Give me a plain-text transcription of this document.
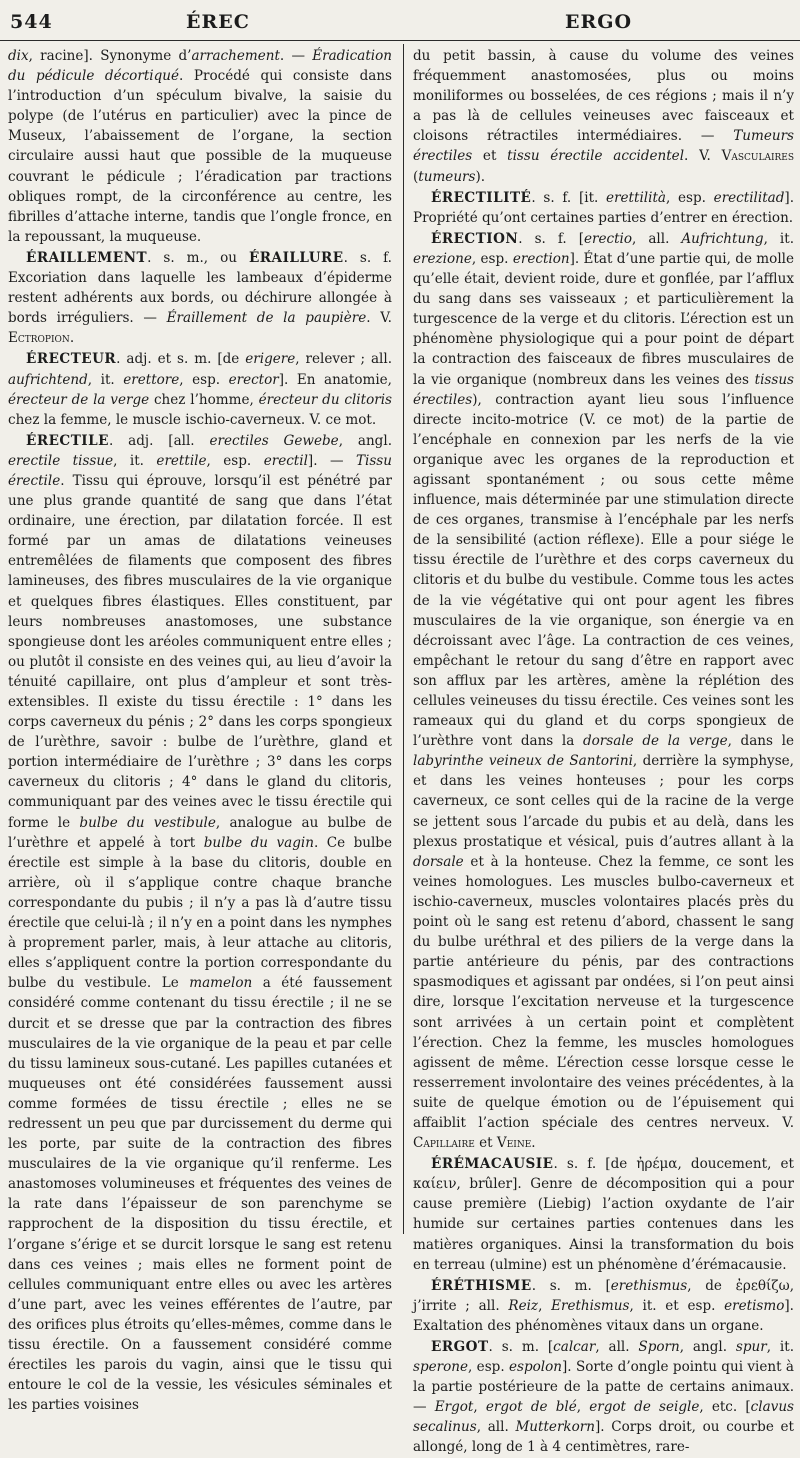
544	ÉREC	ERGO

dix, racine]. Synonyme d’arrachement. — Éradication du pédicule décortiqué. Procédé qui consiste dans l’introduction d’un spéculum bivalve, la saisie du polype (de l’utérus en particulier) avec la pince de Museux, l’abaissement de l’organe, la section circulaire aussi haut que possible de la muqueuse couvrant le pédicule ; l’éradication par tractions obliques rompt, de la circonférence au centre, les fibrilles d’attache interne, tandis que l’ongle fronce, en la repoussant, la muqueuse.

ÉRAILLEMENT. s. m., ou ÉRAILLURE. s. f. Excoriation dans laquelle les lambeaux d’épiderme restent adhérents aux bords, ou déchirure allongée à bords irréguliers. — Éraillement de la paupière. V. Ectropion.

ÉRECTEUR. adj. et s. m. [de erigere, relever ; all. aufrichtend, it. erettore, esp. erector]. En anatomie, érecteur de la verge chez l’homme, érecteur du clitoris chez la femme, le muscle ischio-caverneux. V. ce mot.

ÉRECTILE. adj. [all. erectiles Gewebe, angl. erectile tissue, it. erettile, esp. erectil]. — Tissu érectile. Tissu qui éprouve, lorsqu’il est pénétré par une plus grande quantité de sang que dans l’état ordinaire, une érection, par dilatation forcée. Il est formé par un amas de dilatations veineuses entremêlées de filaments que composent des fibres lamineuses, des fibres musculaires de la vie organique et quelques fibres élastiques. Elles constituent, par leurs nombreuses anastomoses, une substance spongieuse dont les aréoles communiquent entre elles ; ou plutôt il consiste en des veines qui, au lieu d’avoir la ténuité capillaire, ont plus d’ampleur et sont très-extensibles. Il existe du tissu érectile : 1° dans les corps caverneux du pénis ; 2° dans les corps spongieux de l’urèthre, savoir : bulbe de l’urèthre, gland et portion intermédiaire de l’urèthre ; 3° dans les corps caverneux du clitoris ; 4° dans le gland du clitoris, communiquant par des veines avec le tissu érectile qui forme le bulbe du vestibule, analogue au bulbe de l’urèthre et appelé à tort bulbe du vagin. Ce bulbe érectile est simple à la base du clitoris, double en arrière, où il s’applique contre chaque branche correspondante du pubis ; il n’y a pas là d’autre tissu érectile que celui-là ; il n’y en a point dans les nymphes à proprement parler, mais, à leur attache au clitoris, elles s’appliquent contre la portion correspondante du bulbe du vestibule. Le mamelon a été faussement considéré comme contenant du tissu érectile ; il ne se durcit et se dresse que par la contraction des fibres musculaires de la vie organique de la peau et par celle du tissu lamineux sous-cutané. Les papilles cutanées et muqueuses ont été considérées faussement aussi comme formées de tissu érectile ; elles ne se redressent un peu que par durcissement du derme qui les porte, par suite de la contraction des fibres musculaires de la vie organique qu’il renferme. Les anastomoses volumineuses et fréquentes des veines de la rate dans l’épaisseur de son parenchyme se rapprochent de la disposition du tissu érectile, et l’organe s’érige et se durcit lorsque le sang est retenu dans ces veines ; mais elles ne forment point de cellules communiquant entre elles ou avec les artères d’une part, avec les veines efférentes de l’autre, par des orifices plus étroits qu’elles-mêmes, comme dans le tissu érectile. On a faussement considéré comme érectiles les parois du vagin, ainsi que le tissu qui entoure le col de la vessie, les vésicules séminales et les parties voisines

du petit bassin, à cause du volume des veines fréquemment anastomosées, plus ou moins moniliformes ou bosselées, de ces régions ; mais il n’y a pas là de cellules veineuses avec faisceaux et cloisons rétractiles intermédiaires. — Tumeurs érectiles et tissu érectile accidentel. V. Vasculaires (tumeurs).

ÉRECTILITÉ. s. f. [it. erettilità, esp. erectilitad]. Propriété qu’ont certaines parties d’entrer en érection.

ÉRECTION. s. f. [erectio, all. Aufrichtung, it. erezione, esp. erection]. État d’une partie qui, de molle qu’elle était, devient roide, dure et gonflée, par l’afflux du sang dans ses vaisseaux ; et particulièrement la turgescence de la verge et du clitoris. L’érection est un phénomène physiologique qui a pour point de départ la contraction des faisceaux de fibres musculaires de la vie organique (nombreux dans les veines des tissus érectiles), contraction ayant lieu sous l’influence directe incito-motrice (V. ce mot) de la partie de l’encéphale en connexion par les nerfs de la vie organique avec les organes de la reproduction et agissant spontanément ; ou sous cette même influence, mais déterminée par une stimulation directe de ces organes, transmise à l’encéphale par les nerfs de la sensibilité (action réflexe). Elle a pour siége le tissu érectile de l’urèthre et des corps caverneux du clitoris et du bulbe du vestibule. Comme tous les actes de la vie végétative qui ont pour agent les fibres musculaires de la vie organique, son énergie va en décroissant avec l’âge. La contraction de ces veines, empêchant le retour du sang d’être en rapport avec son afflux par les artères, amène la réplétion des cellules veineuses du tissu érectile. Ces veines sont les rameaux qui du gland et du corps spongieux de l’urèthre vont dans la dorsale de la verge, dans le labyrinthe veineux de Santorini, derrière la symphyse, et dans les veines honteuses ; pour les corps caverneux, ce sont celles qui de la racine de la verge se jettent sous l’arcade du pubis et au delà, dans les plexus prostatique et vésical, puis d’autres allant à la dorsale et à la honteuse. Chez la femme, ce sont les veines homologues. Les muscles bulbo-caverneux et ischio-caverneux, muscles volontaires placés près du point où le sang est retenu d’abord, chassent le sang du bulbe uréthral et des piliers de la verge dans la partie antérieure du pénis, par des contractions spasmodiques et agissant par ondées, si l’on peut ainsi dire, lorsque l’excitation nerveuse et la turgescence sont arrivées à un certain point et complètent l’érection. Chez la femme, les muscles homologues agissent de même. L’érection cesse lorsque cesse le resserrement involontaire des veines précédentes, à la suite de quelque émotion ou de l’épuisement qui affaiblit l’action spéciale des centres nerveux. V. Capillaire et Veine.

ÉRÉMACAUSIE. s. f. [de ἠρέμα, doucement, et καίειν, brûler]. Genre de décomposition qui a pour cause première (Liebig) l’action oxydante de l’air humide sur certaines parties contenues dans les matières organiques. Ainsi la transformation du bois en terreau (ulmine) est un phénomène d’érémacausie.

ÉRÉTHISME. s. m. [erethismus, de ἐρεθίζω, j’irrite ; all. Reiz, Erethismus, it. et esp. eretismo]. Exaltation des phénomènes vitaux dans un organe.

ERGOT. s. m. [calcar, all. Sporn, angl. spur, it. sperone, esp. espolon]. Sorte d’ongle pointu qui vient à la partie postérieure de la patte de certains animaux. — Ergot, ergot de blé, ergot de seigle, etc. [clavus secalinus, all. Mutterkorn]. Corps droit, ou courbe et allongé, long de 1 à 4 centimètres, rare-
